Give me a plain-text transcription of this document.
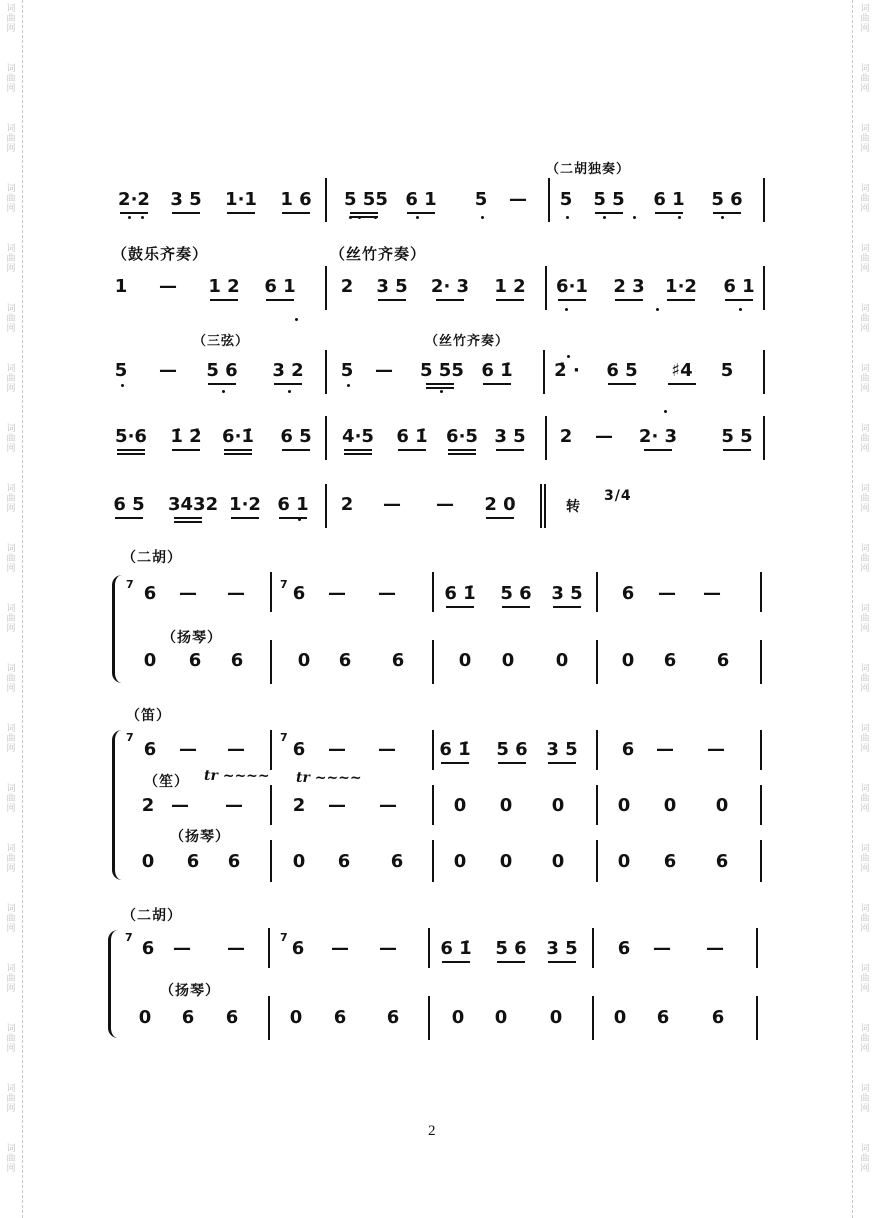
词
曲
网
词
曲
网
词
曲
网
词
曲
网
词
曲
网
词
曲
网
词
曲
网
词
曲
网
词
曲
网
词
曲
网
词
曲
网
词
曲
网
词
曲
网
词
曲
网
词
曲
网
词
曲
网
词
曲
网
词
曲
网
词
曲
网
词
曲
网
词
曲
网
词
曲
网
词
曲
网
词
曲
网
词
曲
网
词
曲
网
词
曲
网
词
曲
网
词
曲
网
词
曲
网
词
曲
网
词
曲
网
词
曲
网
词
曲
网
词
曲
网
词
曲
网
词
曲
网
词
曲
网
词
曲
网
词
曲
网
（二胡独奏）
2·2 3 5 1·1 1 6 5 55 6 1	5	—	5	5 5 6 1 5 6
（鼓乐齐奏）	（丝竹齐奏）
1	—	1 2 6 1	2	3 5 2· 3 1 2 6·1 2 3 1·2 6 1
（三弦）	（丝竹齐奏）
5	—	5 6 3 2	5	—	5 55 6 1̇	2̇ ·	6 5	♯4	5
5·6 1̇ 2̇ 6·1̇ 6 5 4·5 6 1̇ 6·5 3 5	2	—	2· 3 5 5
6 5 3432 1·2 6 1	2	—	—	2 0	转
3/4
（二胡）
（扬琴）
6	—	—	6	—	—	6 1̇ 5 6 3 5	6	—	—
0	6	6	0	6	6	0	0	0	0	6	6
7	7
7	7
7	7
（笛）
（笙）
（扬琴）
tr ~~~~ tr ~~~~
6	—	—	6	—	—	6 1̇ 5 6 3 5	6	—	—
2 —	—	2	—	—	0	0	0	0	0	0
0	6	6	0	6	6	0	0	0	0	6	6
（二胡）
（扬琴）
6	—	—	6	—	—	6 1̇ 5 6 3 5	6	—	—
0	6	6	0	6	6	0	0	0	0	6	6
2
